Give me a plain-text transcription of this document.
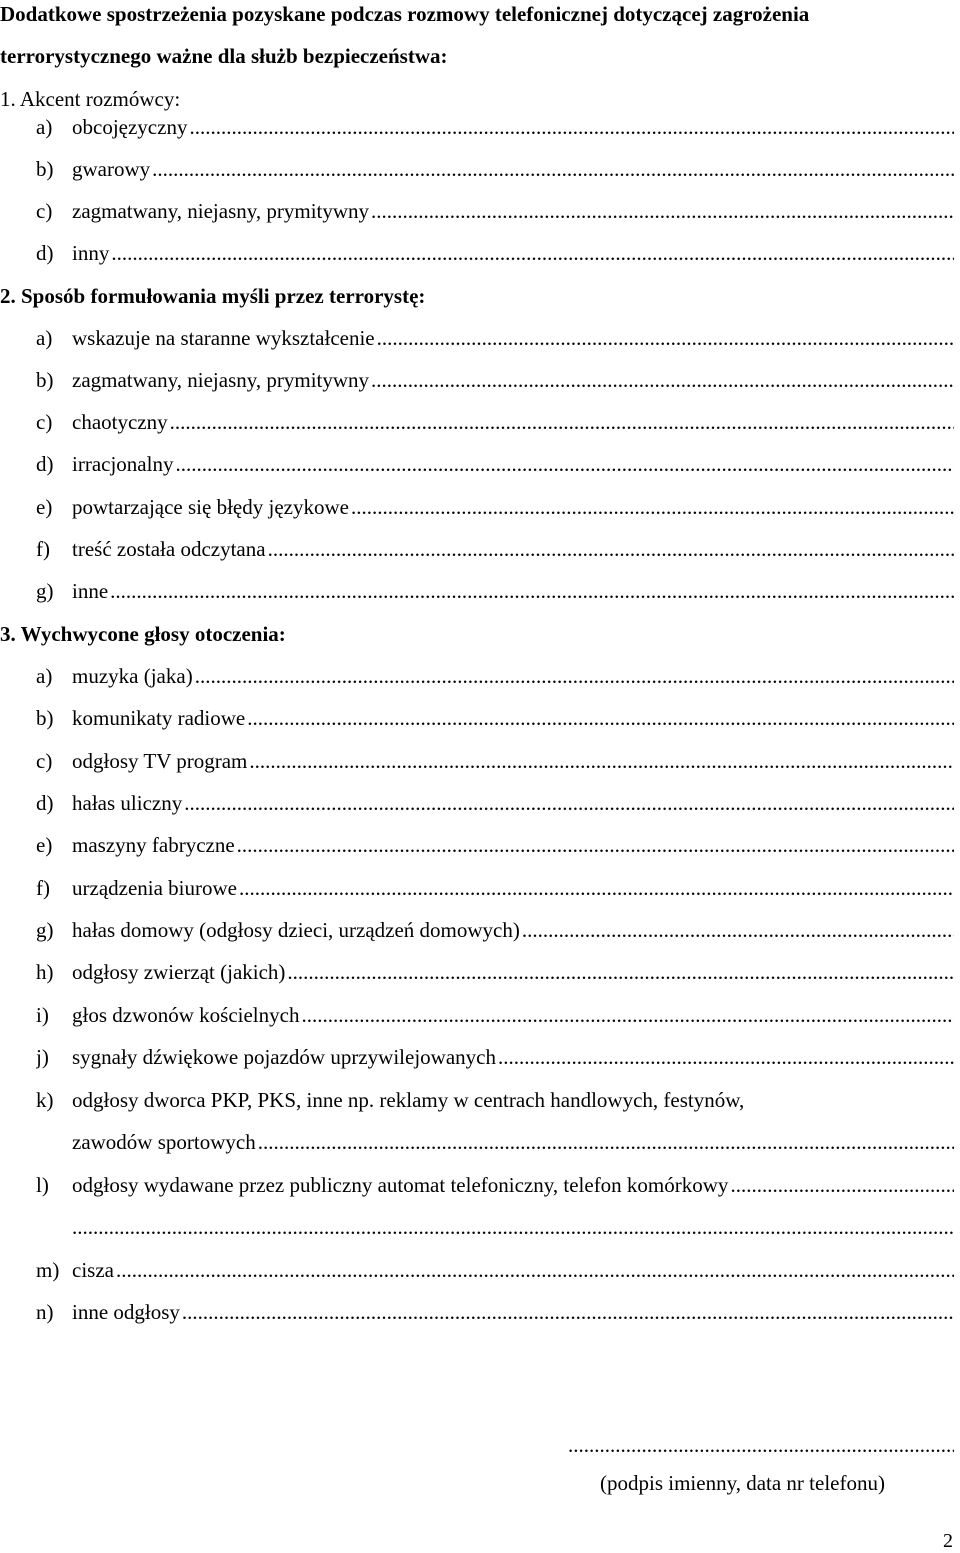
Dodatkowe spostrzeżenia pozyskane podczas rozmowy telefonicznej dotyczącej zagrożenia
terrorystycznego ważne dla służb bezpieczeństwa:
1. Akcent rozmówcy:
a) obcojęzyczny
.....
b) gwarowy
.....
c) zagmatwany, niejasny, prymitywny
.....
d) inny
.....
2. Sposób formułowania myśli przez terrorystę:
a) wskazuje na staranne wykształcenie
.....
b) zagmatwany, niejasny, prymitywny
.....
c) chaotyczny
.....
d) irracjonalny
.....
e) powtarzające się błędy językowe
.....
f)	treść została odczytana
.....
g) inne
.....
3. Wychwycone głosy otoczenia:
a) muzyka (jaka)
.....
b) komunikaty radiowe
.....
c) odgłosy TV program
.....
d) hałas uliczny
.....
e) maszyny fabryczne
.....
f)	urządzenia biurowe
.....
g) hałas domowy (odgłosy dzieci, urządzeń domowych)
.....
h) odgłosy zwierząt (jakich)
.....
i)	głos dzwonów kościelnych
.....
j)	sygnały dźwiękowe pojazdów uprzywilejowanych
.....
k) odgłosy dworca PKP, PKS, inne np. reklamy w centrach handlowych, festynów,
zawodów sportowych
.....
l)	odgłosy wydawane przez publiczny automat telefoniczny, telefon komórkowy
.....
.....
m) cisza
.....
n) inne odgłosy
.....
.....
(podpis imienny, data nr telefonu)
2
